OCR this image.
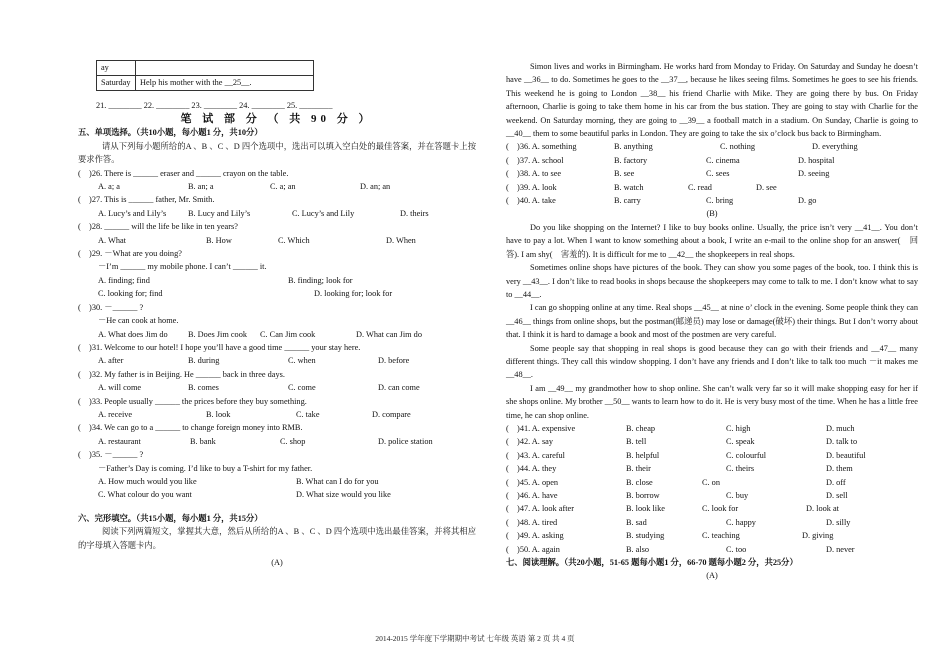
ay	
Saturday	Help his mother with the __25__.
21. ________ 22. ________ 23. ________ 24. ________ 25. ________
笔 试 部 分 （ 共 90 分 ）
五、单项选择。（共10小题，每小题1 分，共10分）
请从下列每小题所给的A 、B 、C 、D 四个选项中，选出可以填入空白处的最佳答案，并在答题卡上按要求作答。
(　)26. There is ______ eraser and ______ crayon on the table.
A. a; a	B. an; a	C. a; an	D. an; an
(　)27. This is ______ father, Mr. Smith.
A. Lucy’s and Lily’s	B. Lucy and Lily’s	C. Lucy’s and Lily	D. theirs
(　)28. ______ will the life be like in ten years?
A. What	B. How	C. Which	D. When
(　)29. －What are you doing?
－I’m ______ my mobile phone. I can’t ______ it.
A. finding; find	B. finding; look for
C. looking for; find	D. looking for; look for
(　)30. －______ ?
－He can cook at home.
A. What does Jim do	B. Does Jim cook	C. Can Jim cook	D. What can Jim do
(　)31. Welcome to our hotel! I hope you’ll have a good time ______ your stay here.
A. after	B. during	C. when	D. before
(　)32. My father is in Beijing. He ______ back in three days.
A. will come	B. comes	C. come	D. can come
(　)33. People usually ______ the prices before they buy something.
A. receive	B. look	C. take	D. compare
(　)34. We can go to a ______ to change foreign money into RMB.
A. restaurant	B. bank	C. shop	D. police station
(　)35. －______ ?
－Father’s Day is coming. I’d like to buy a T-shirt for my father.
A. How much would you like	B. What can I do for you
C. What colour do you want	D. What size would you like
六、完形填空。（共15小题，每小题1 分，共15分）
阅读下列两篇短文，掌握其大意，然后从所给的A 、B 、C 、D 四个选项中选出最佳答案，并将其相应的字母填入答题卡内。
(A)
Simon lives and works in Birmingham. He works hard from Monday to Friday. On Saturday and Sunday he doesn’t have __36__ to do. Sometimes he goes to the __37__, because he likes seeing films. Sometimes he goes to see his friends. This weekend he is going to London __38__ his friend Charlie with Mike. They are going there by bus. On Friday afternoon, Charlie is going to take them home in his car from the bus station. They are going to stay with Charlie for the weekend. On Saturday morning, they are going to __39__ a football match in a stadium. On Sunday, Charlie is going to __40__ them to some beautiful parks in London. They are going to take the six o’clock bus back to Birmingham.
(　)36. A. something	B. anything	C. nothing	D. everything
(　)37. A. school	B. factory	C. cinema	D. hospital
(　)38. A. to see	B. see	C. sees	D. seeing
(　)39. A. look	B. watch	C. read	D. see
(　)40. A. take	B. carry	C. bring	D. go
(B)
Do you like shopping on the Internet? I like to buy books online. Usually, the price isn’t very __41__. You don’t have to pay a lot. When I want to know something about a book, I write an e-mail to the online shop for an answer(　回答). I am shy(　害羞的). It is difficult for me to __42__ the shopkeepers in real shops.
Sometimes online shops have pictures of the book. They can show you some pages of the book, too. I think this is very __43__. I don’t like to read books in shops because the shopkeepers may come to talk to me. I don’t know what to say to __44__.
I can go shopping online at any time. Real shops __45__ at nine o’ clock in the evening. Some people think they can __46__ things from online shops, but the postman(邮递员) may lose or damage(破坏) their things. But I don’t worry about that. I think it is hard to damage a book and most of the postmen are very careful.
Some people say that shopping in real shops is good because they can go with their friends and __47__ many different things. They call this window shopping. I don’t have any friends and I don’t like to talk too much －it makes me __48__.
I am __49__ my grandmother how to shop online. She can’t walk very far so it will make shopping easy for her if she shops online. My brother __50__ wants to learn how to do it. He is very busy most of the time. When he has a little free time, he can shop online.
(　)41. A. expensive	B. cheap	C. high	D. much
(　)42. A. say	B. tell	C. speak	D. talk to
(　)43. A. careful	B. helpful	C. colourful	D. beautiful
(　)44. A. they	B. their	C. theirs	D. them
(　)45. A. open	B. close	C. on	D. off
(　)46. A. have	B. borrow	C. buy	D. sell
(　)47. A. look after	B. look like	C. look for	D. look at
(　)48. A. tired	B. sad	C. happy	D. silly
(　)49. A. asking	B. studying	C. teaching	D. giving
(　)50. A. again	B. also	C. too	D. never
七、阅读理解。（共20小题，51-65 题每小题1 分，66-70 题每小题2 分，共25分）
(A)
2014-2015 学年度下学期期中考试 七年级 英语 第 2 页 共 4 页
